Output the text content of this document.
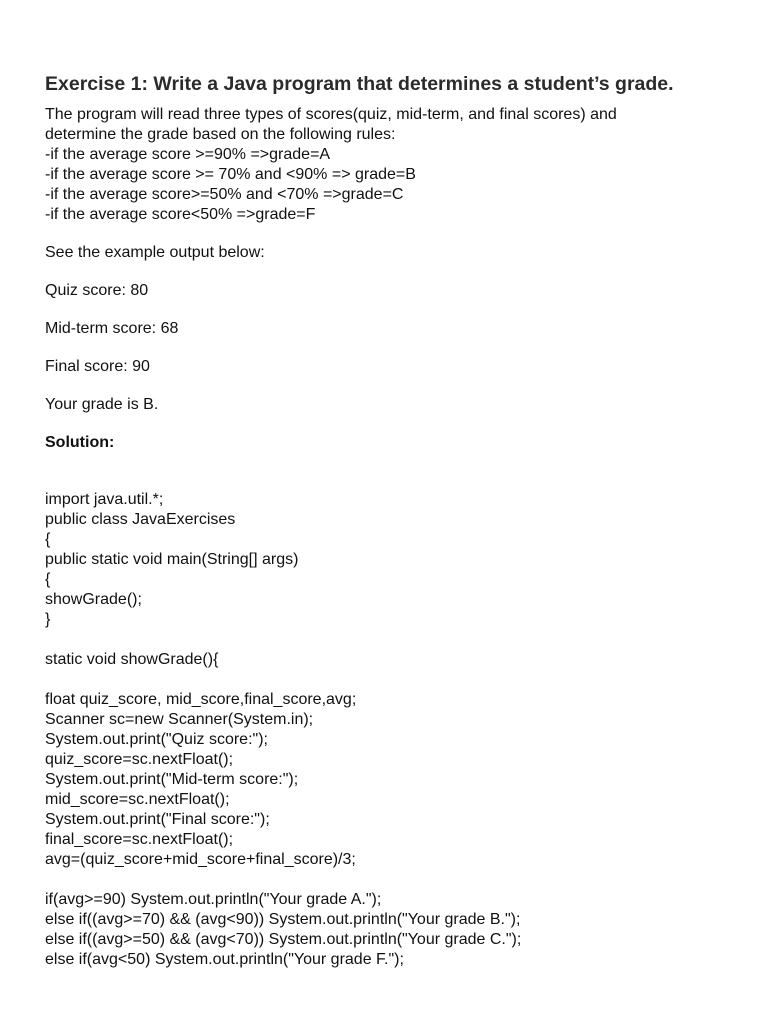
Exercise 1: Write a Java program that determines a student’s grade.
The program will read three types of scores(quiz, mid-term, and final scores) and
determine the grade based on the following rules:
-if the average score >=90% =>grade=A
-if the average score >= 70% and <90% => grade=B
-if the average score>=50% and <70% =>grade=C
-if the average score<50% =>grade=F
See the example output below:
Quiz score: 80
Mid-term score: 68
Final score: 90
Your grade is B.
Solution:
import java.util.*;
public class JavaExercises
{
public static void main(String[] args)
{
showGrade();
}
static void showGrade(){
float quiz_score, mid_score,final_score,avg;
Scanner sc=new Scanner(System.in);
System.out.print("Quiz score:");
quiz_score=sc.nextFloat();
System.out.print("Mid-term score:");
mid_score=sc.nextFloat();
System.out.print("Final score:");
final_score=sc.nextFloat();
avg=(quiz_score+mid_score+final_score)/3;
if(avg>=90) System.out.println("Your grade A.");
else if((avg>=70) && (avg<90)) System.out.println("Your grade B.");
else if((avg>=50) && (avg<70)) System.out.println("Your grade C.");
else if(avg<50) System.out.println("Your grade F.");
